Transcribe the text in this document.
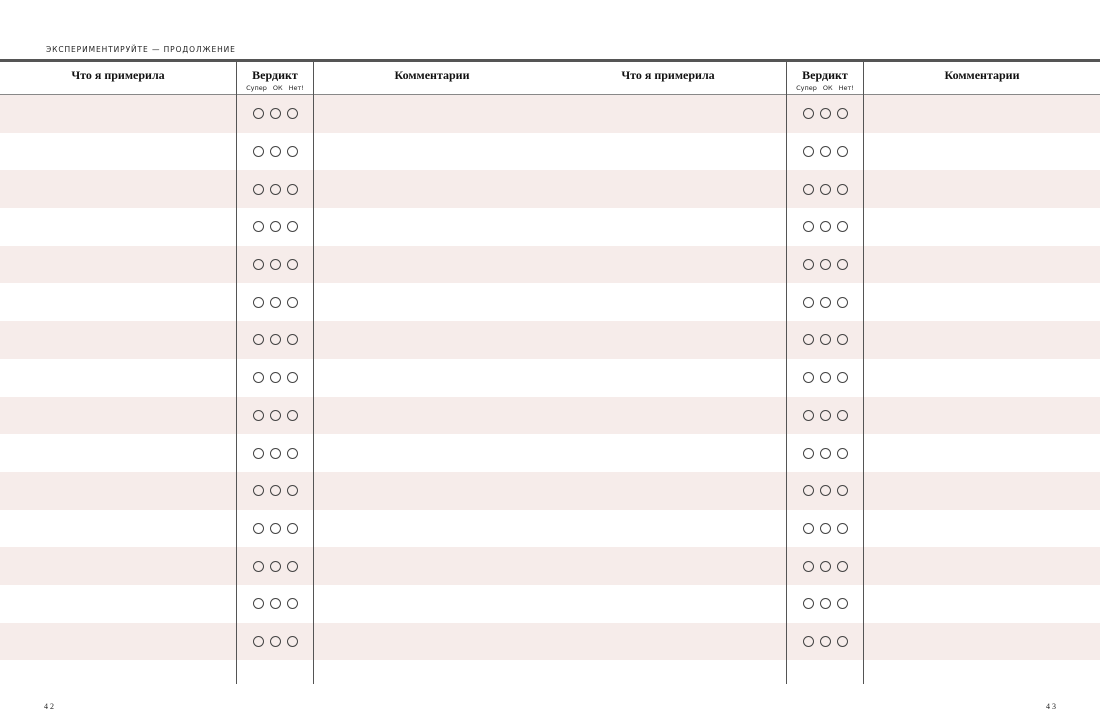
ЭКСПЕРИМЕНТИРУЙТЕ — ПРОДОЛЖЕНИЕ
Что я примерила	Вердикт
Супер ОК Нет!
Комментарии
42
Что я примерила	Вердикт
Супер ОК Нет!
Комментарии
43
